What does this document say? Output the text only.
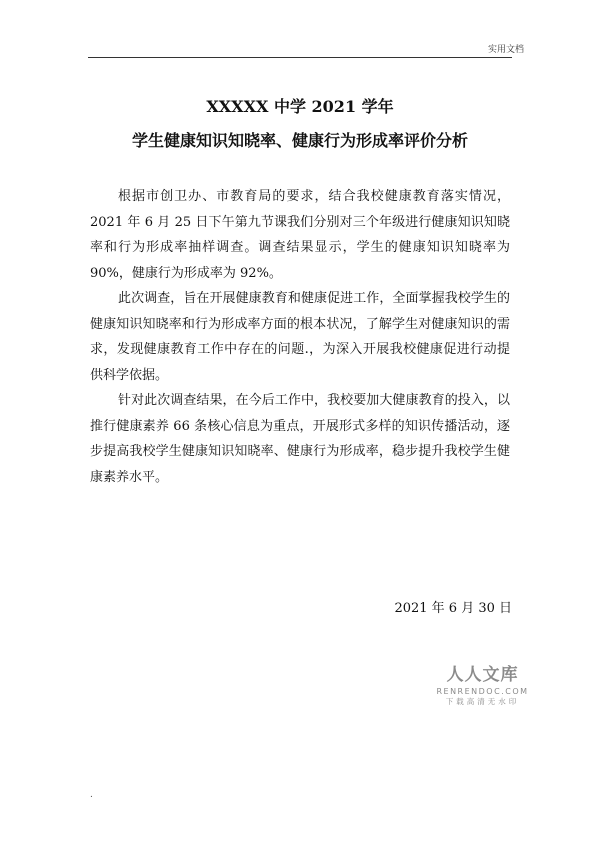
实用文档
XXXXX 中学 2021 学年
学生健康知识知晓率、健康行为形成率评价分析

根据市创卫办、市教育局的要求，结合我校健康教育落实情况，2021 年 6 月 25 日下午第九节课我们分别对三个年级进行健康知识知晓率和行为形成率抽样调查。调查结果显示，学生的健康知识知晓率为 90%，健康行为形成率为 92%。

此次调查，旨在开展健康教育和健康促进工作，全面掌握我校学生的健康知识知晓率和行为形成率方面的根本状况，了解学生对健康知识的需求，发现健康教育工作中存在的问题.，为深入开展我校健康促进行动提供科学依据。

针对此次调查结果，在今后工作中，我校要加大健康教育的投入，以推行健康素养 66 条核心信息为重点，开展形式多样的知识传播活动，逐步提高我校学生健康知识知晓率、健康行为形成率，稳步提升我校学生健康素养水平。

2021 年 6 月 30 日
人人文库
RENRENDOC.COM
下载高清无水印
.
